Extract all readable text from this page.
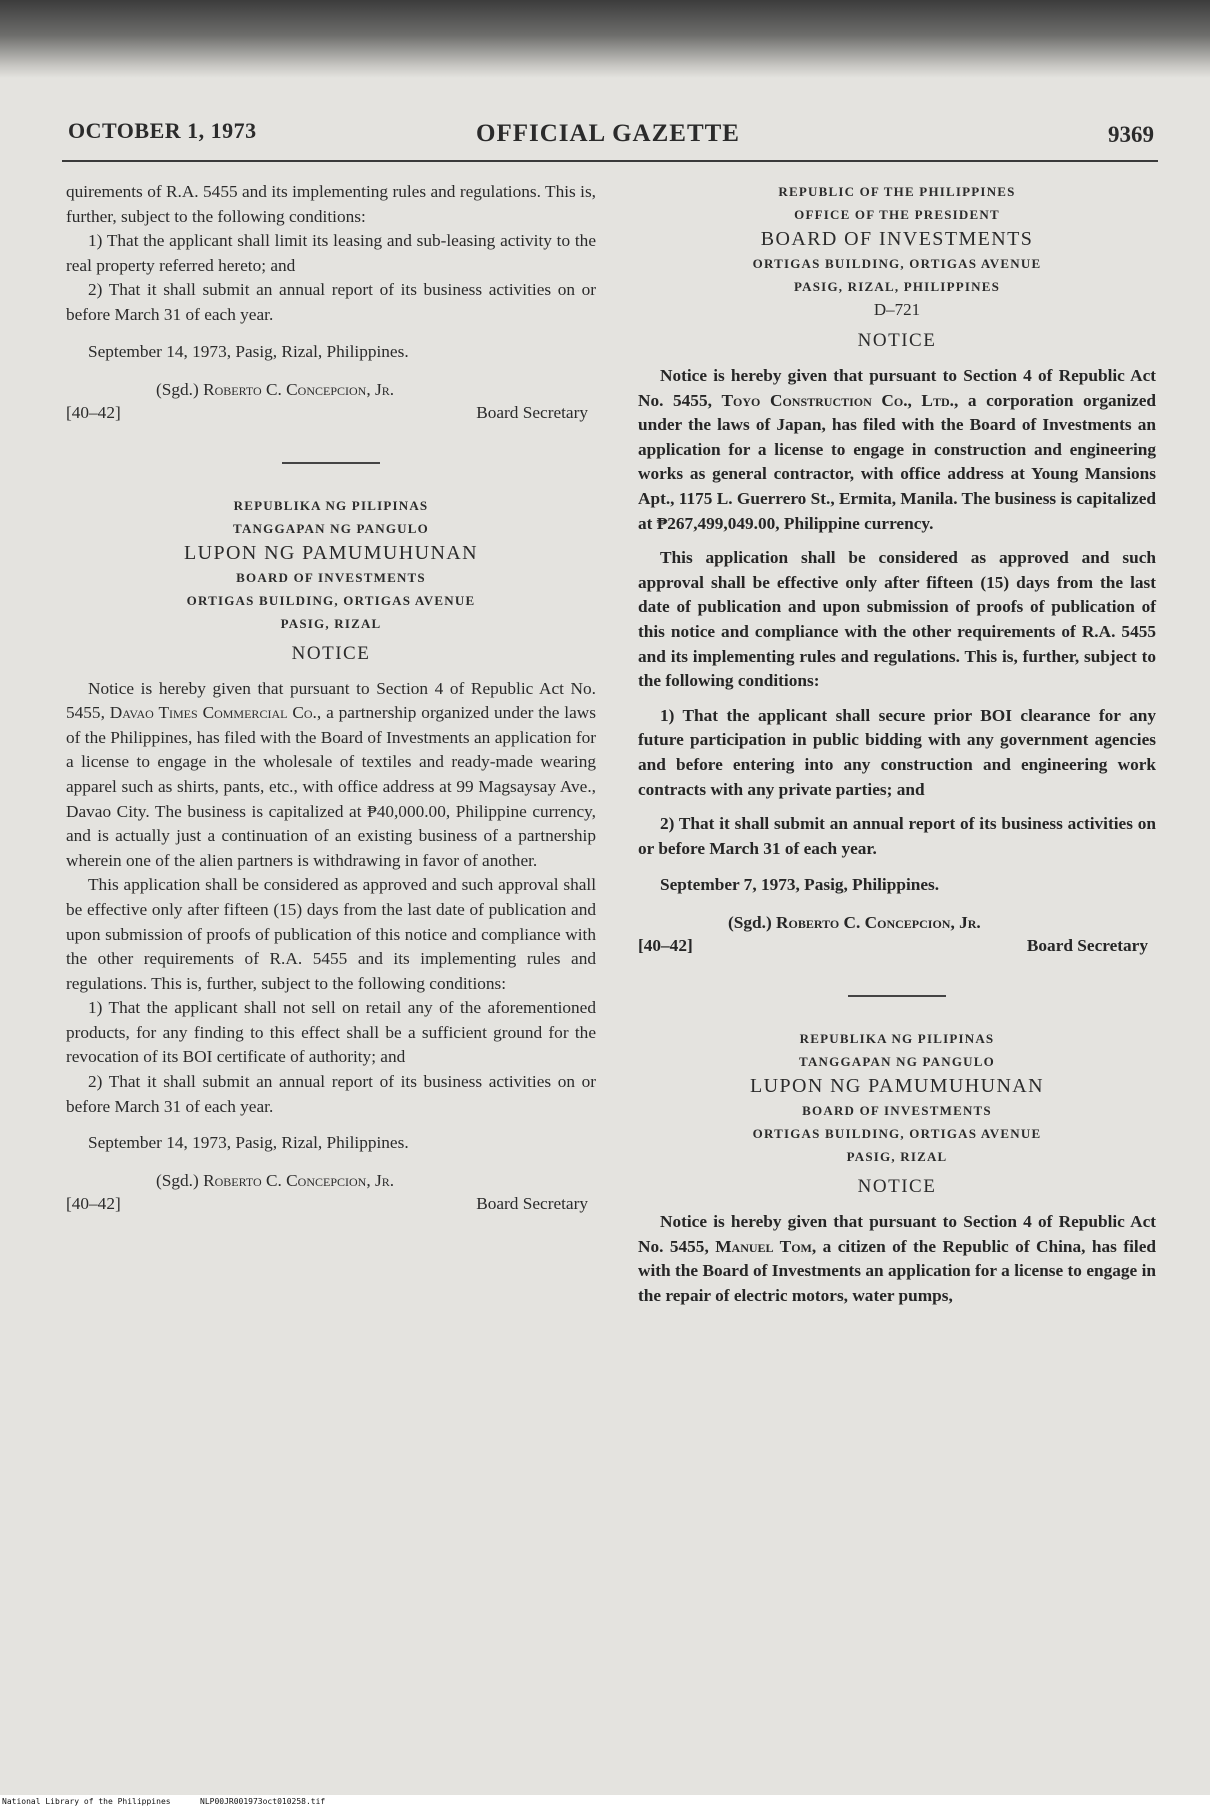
OCTOBER 1, 1973	OFFICIAL GAZETTE	9369

quirements of R.A. 5455 and its implementing rules and regulations. This is, further, subject to the following conditions:

1) That the applicant shall limit its leasing and sub-leasing activity to the real property referred hereto; and

2) That it shall submit an annual report of its business activities on or before March 31 of each year.

September 14, 1973, Pasig, Rizal, Philippines.
(Sgd.) Roberto C. Concepcion, Jr.
[40–42]	Board Secretary
REPUBLIKA NG PILIPINAS
TANGGAPAN NG PANGULO
LUPON NG PAMUMUHUNAN
BOARD OF INVESTMENTS
ORTIGAS BUILDING, ORTIGAS AVENUE
PASIG, RIZAL
NOTICE

Notice is hereby given that pursuant to Section 4 of Republic Act No. 5455, Davao Times Commercial Co., a partnership organized under the laws of the Philippines, has filed with the Board of Investments an application for a license to engage in the wholesale of textiles and ready-made wearing apparel such as shirts, pants, etc., with office address at 99 Magsaysay Ave., Davao City. The business is capitalized at ₱40,000.00, Philippine currency, and is actually just a continuation of an existing business of a partnership wherein one of the alien partners is withdrawing in favor of another.

This application shall be considered as approved and such approval shall be effective only after fifteen (15) days from the last date of publication and upon submission of proofs of publication of this notice and compliance with the other requirements of R.A. 5455 and its implementing rules and regulations. This is, further, subject to the following conditions:

1) That the applicant shall not sell on retail any of the aforementioned products, for any finding to this effect shall be a sufficient ground for the revocation of its BOI certificate of authority; and

2) That it shall submit an annual report of its business activities on or before March 31 of each year.

September 14, 1973, Pasig, Rizal, Philippines.
(Sgd.) Roberto C. Concepcion, Jr.
[40–42]	Board Secretary
REPUBLIC OF THE PHILIPPINES
OFFICE OF THE PRESIDENT
BOARD OF INVESTMENTS
ORTIGAS BUILDING, ORTIGAS AVENUE
PASIG, RIZAL, PHILIPPINES
D–721
NOTICE

Notice is hereby given that pursuant to Section 4 of Republic Act No. 5455, Toyo Construction Co., Ltd., a corporation organized under the laws of Japan, has filed with the Board of Investments an application for a license to engage in construction and engineering works as general contractor, with office address at Young Mansions Apt., 1175 L. Guerrero St., Ermita, Manila. The business is capitalized at ₱267,499,049.00, Philippine currency.

This application shall be considered as approved and such approval shall be effective only after fifteen (15) days from the last date of publication and upon submission of proofs of publication of this notice and compliance with the other requirements of R.A. 5455 and its implementing rules and regulations. This is, further, subject to the following conditions:

1) That the applicant shall secure prior BOI clearance for any future participation in public bidding with any government agencies and before entering into any construction and engineering work contracts with any private parties; and

2) That it shall submit an annual report of its business activities on or before March 31 of each year.

September 7, 1973, Pasig, Philippines.
(Sgd.) Roberto C. Concepcion, Jr.
[40–42]	Board Secretary
REPUBLIKA NG PILIPINAS
TANGGAPAN NG PANGULO
LUPON NG PAMUMUHUNAN
BOARD OF INVESTMENTS
ORTIGAS BUILDING, ORTIGAS AVENUE
PASIG, RIZAL
NOTICE

Notice is hereby given that pursuant to Section 4 of Republic Act No. 5455, Manuel Tom, a citizen of the Republic of China, has filed with the Board of Investments an application for a license to engage in the repair of electric motors, water pumps,

National Library of the Philippines	NLP00JR001973oct010258.tif
